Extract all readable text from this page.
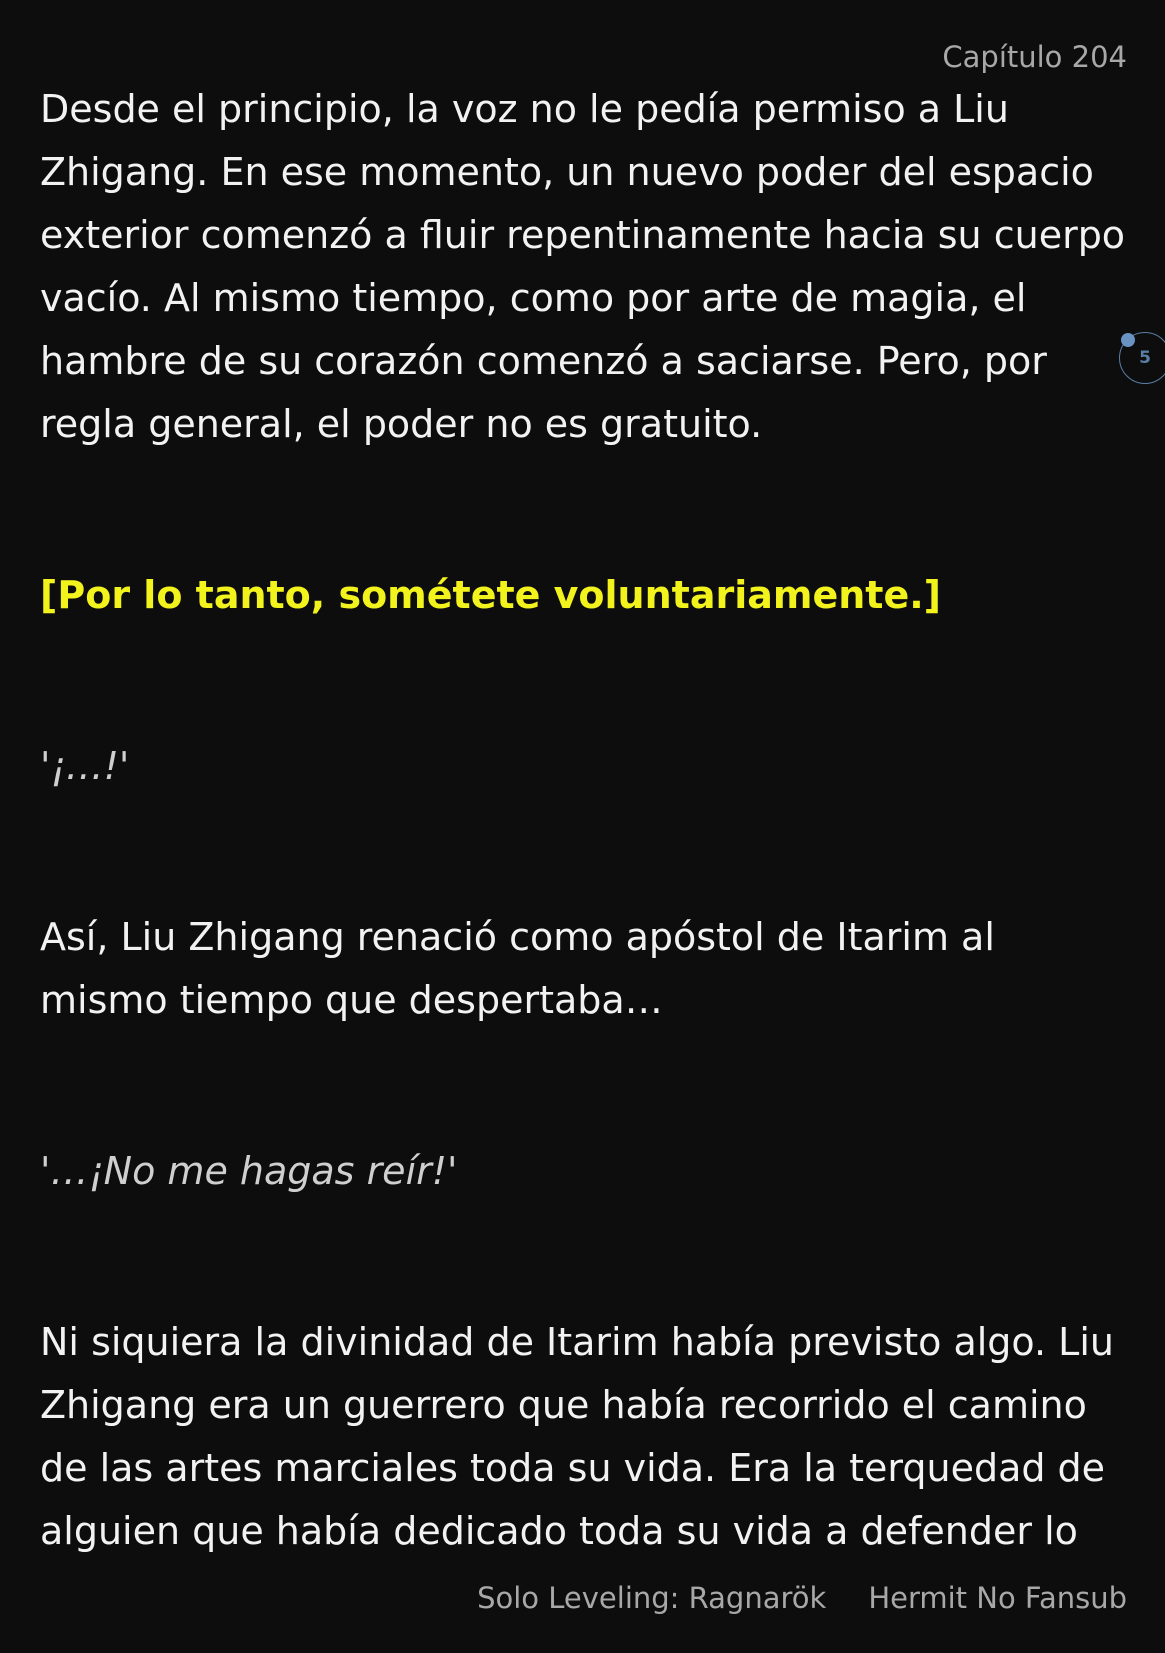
Capítulo 204

Desde el principio, la voz no le pedía permiso a Liu Zhigang. En ese momento, un nuevo poder del espacio exterior comenzó a fluir repentinamente hacia su cuerpo vacío. Al mismo tiempo, como por arte de magia, el hambre de su corazón comenzó a saciarse. Pero, por regla general, el poder no es gratuito.

[Por lo tanto, sométete voluntariamente.]

'¡…!'

Así, Liu Zhigang renació como apóstol de Itarim al mismo tiempo que despertaba…

'…¡No me hagas reír!'

Ni siquiera la divinidad de Itarim había previsto algo. Liu Zhigang era un guerrero que había recorrido el camino de las artes marciales toda su vida. Era la terquedad de alguien que había dedicado toda su vida a defender lo

5
Solo Leveling: Ragnarök Hermit No Fansub
